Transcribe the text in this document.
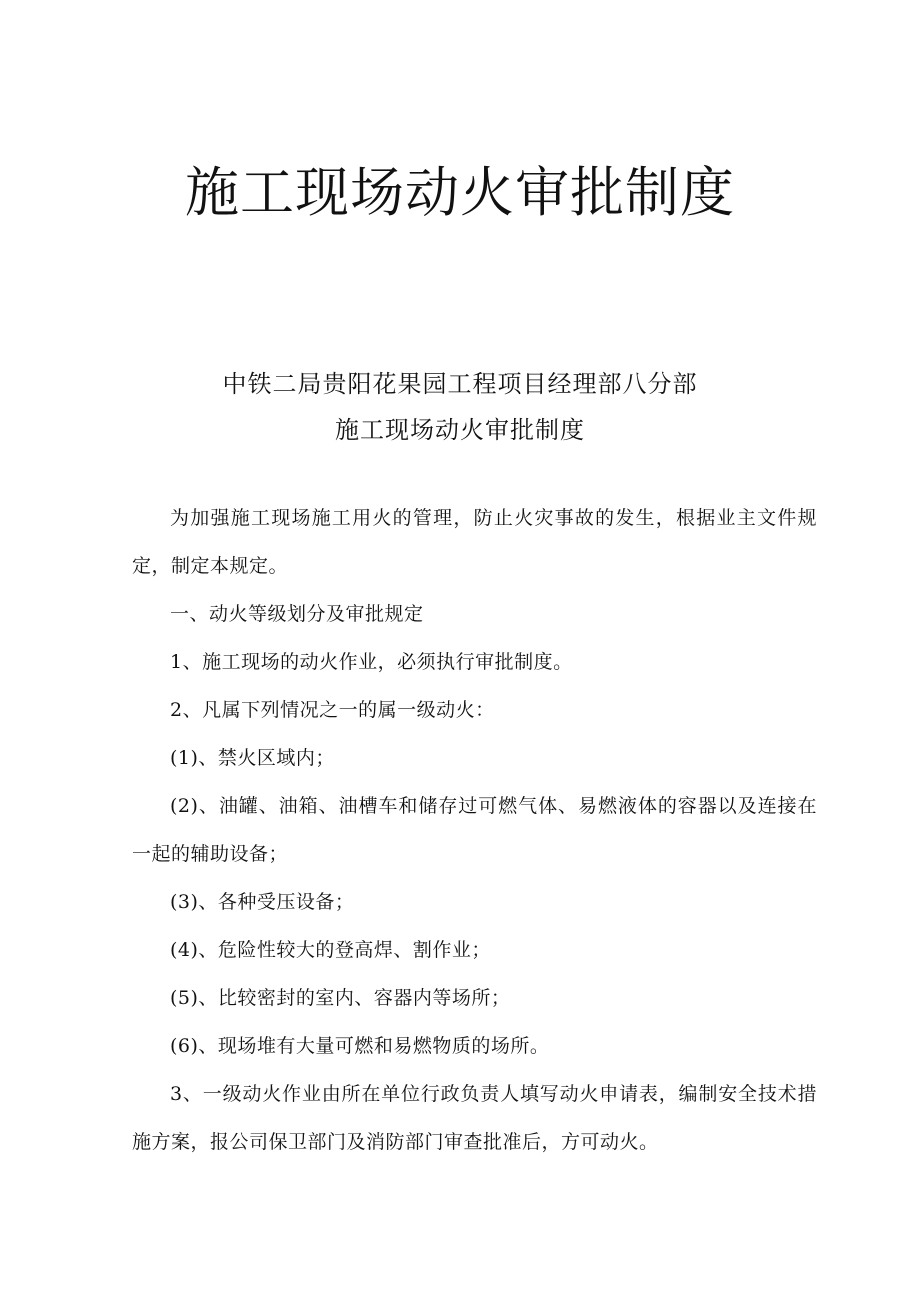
施工现场动火审批制度
中铁二局贵阳花果园工程项目经理部八分部
施工现场动火审批制度

为加强施工现场施工用火的管理，防止火灾事故的发生，根据业主文件规定，制定本规定。

一、动火等级划分及审批规定

1、施工现场的动火作业，必须执行审批制度。

2、凡属下列情况之一的属一级动火：

(1)、禁火区域内；

(2)、油罐、油箱、油槽车和储存过可燃气体、易燃液体的容器以及连接在一起的辅助设备；

(3)、各种受压设备；

(4)、危险性较大的登高焊、割作业；

(5)、比较密封的室内、容器内等场所；

(6)、现场堆有大量可燃和易燃物质的场所。

3、一级动火作业由所在单位行政负责人填写动火申请表，编制安全技术措施方案，报公司保卫部门及消防部门审查批准后，方可动火。
